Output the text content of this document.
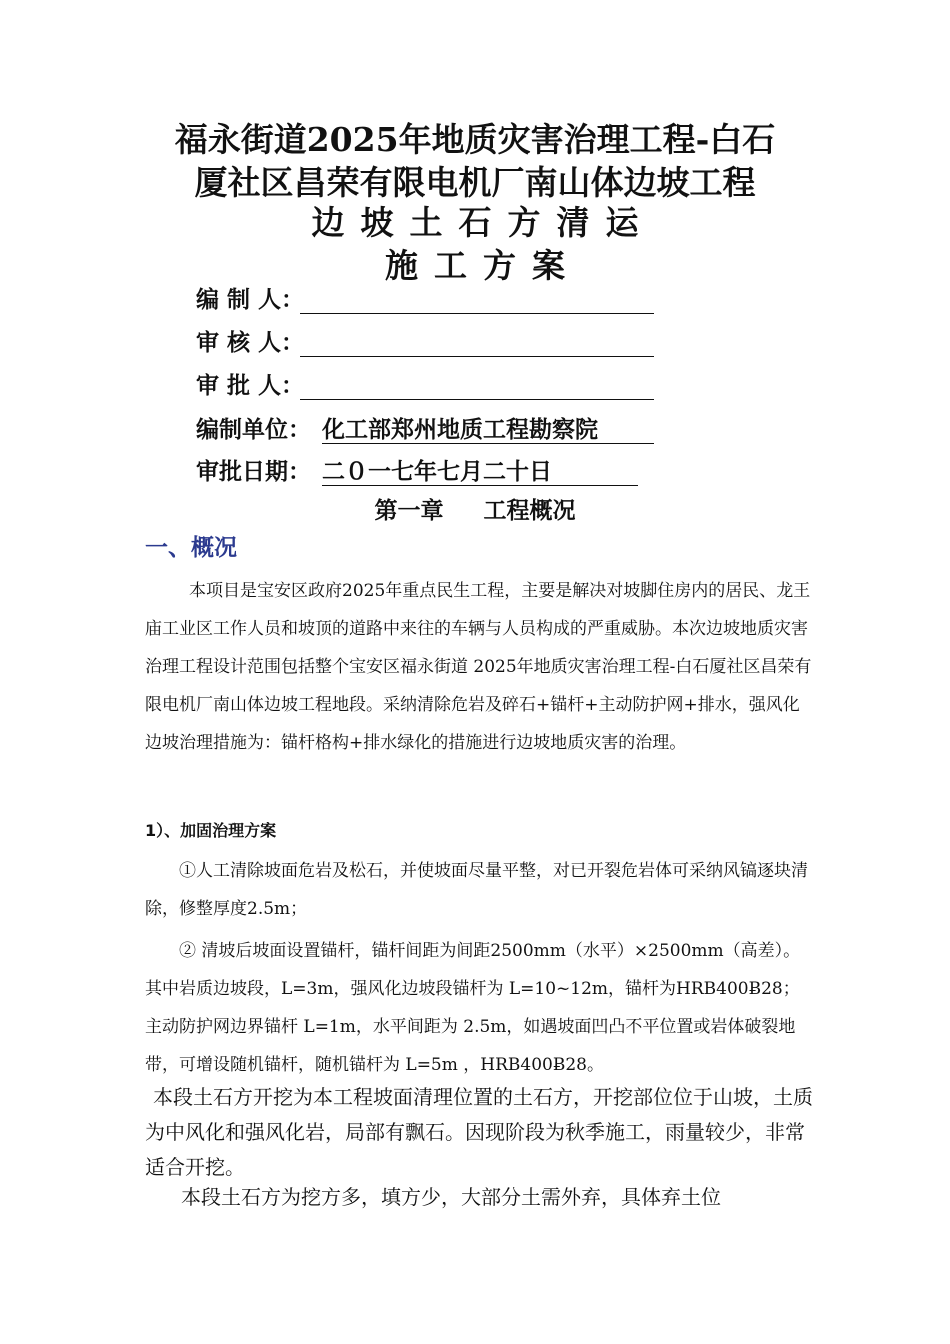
福永街道2025年地质灾害治理工程-白石
厦社区昌荣有限电机厂南山体边坡工程
边坡土石方清运
施工方案
编 制 人：
审 核 人：
审 批 人：
编制单位： 化工部郑州地质工程勘察院
审批日期： 二０一七年七月二十日
第一章 工程概况
一、概况

本项目是宝安区政府2025年重点民生工程，主要是解决对坡脚住房内的居民、龙王庙工业区工作人员和坡顶的道路中来往的车辆与人员构成的严重威胁。本次边坡地质灾害治理工程设计范围包括整个宝安区福永街道 2025年地质灾害治理工程-白石厦社区昌荣有限电机厂南山体边坡工程地段。采纳清除危岩及碎石+锚杆+主动防护网+排水，强风化边坡治理措施为：锚杆格构+排水绿化的措施进行边坡地质灾害的治理。

1）、加固治理方案

①人工清除坡面危岩及松石，并使坡面尽量平整，对已开裂危岩体可采纳风镐逐块清除，修整厚度2.5m；

② 清坡后坡面设置锚杆，锚杆间距为间距2500mm（水平）×2500mm（高差）。其中岩质边坡段，L=3m，强风化边坡段锚杆为 L=10~12m，锚杆为HRB400Ƀ28；主动防护网边界锚杆 L=1m，水平间距为 2.5m，如遇坡面凹凸不平位置或岩体破裂地带，可增设随机锚杆，随机锚杆为 L=5m ，HRB400Ƀ28。

本段土石方开挖为本工程坡面清理位置的土石方，开挖部位位于山坡，土质为中风化和强风化岩，局部有飘石。因现阶段为秋季施工，雨量较少，非常适合开挖。

本段土石方为挖方多，填方少，大部分土需外弃，具体弃土位
